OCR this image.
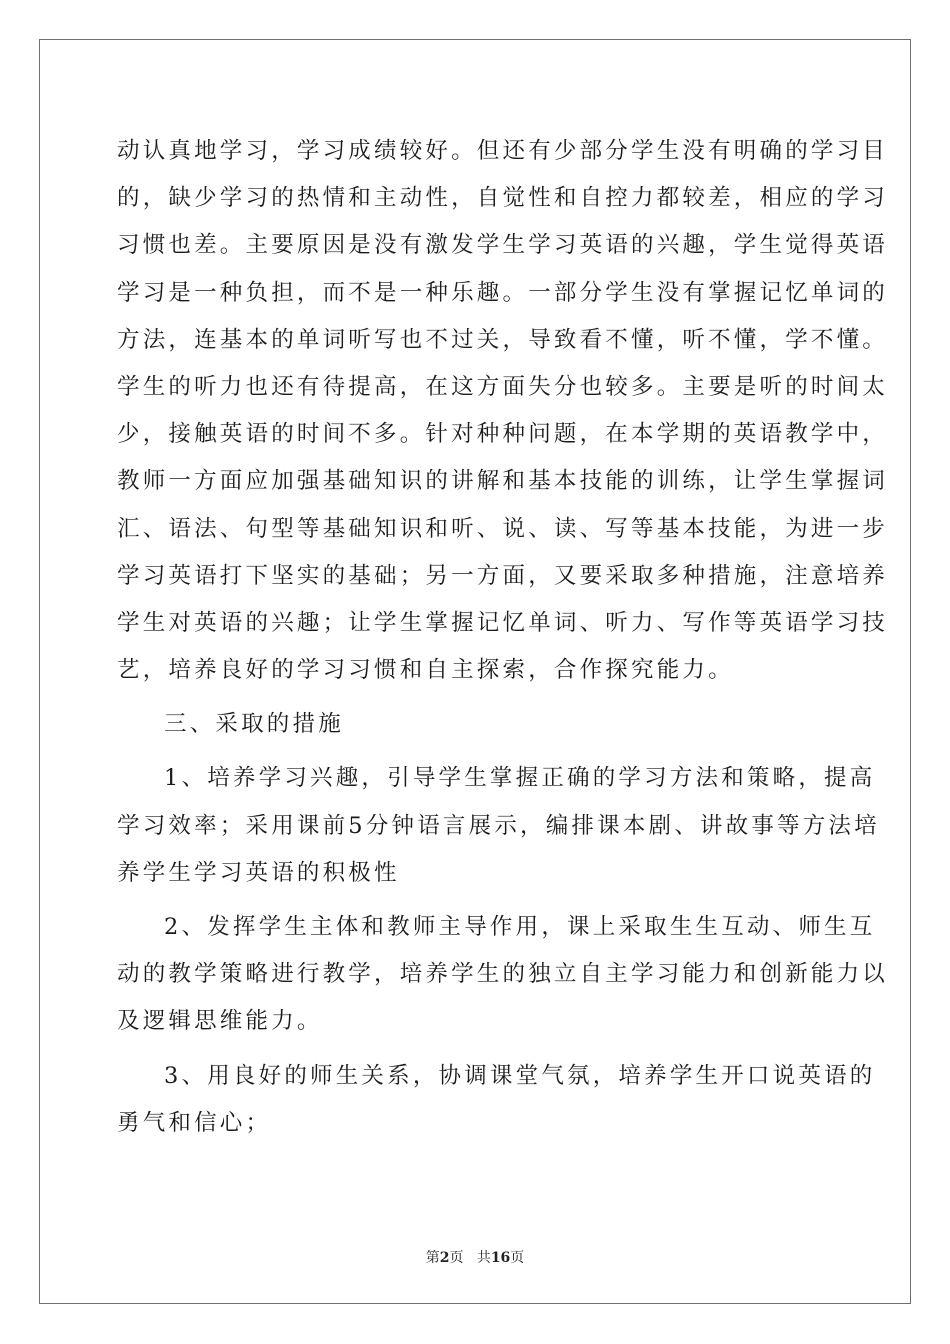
动认真地学习，学习成绩较好。但还有少部分学生没有明确的学习目
的，缺少学习的热情和主动性，自觉性和自控力都较差，相应的学习
习惯也差。主要原因是没有激发学生学习英语的兴趣，学生觉得英语
学习是一种负担，而不是一种乐趣。一部分学生没有掌握记忆单词的
方法，连基本的单词听写也不过关，导致看不懂，听不懂，学不懂。
学生的听力也还有待提高，在这方面失分也较多。主要是听的时间太
少，接触英语的时间不多。针对种种问题，在本学期的英语教学中，
教师一方面应加强基础知识的讲解和基本技能的训练，让学生掌握词
汇、语法、句型等基础知识和听、说、读、写等基本技能，为进一步
学习英语打下坚实的基础；另一方面，又要采取多种措施，注意培养
学生对英语的兴趣；让学生掌握记忆单词、听力、写作等英语学习技
艺，培养良好的学习习惯和自主探索，合作探究能力。
三、采取的措施
1、培养学习兴趣，引导学生掌握正确的学习方法和策略，提高
学习效率；采用课前5分钟语言展示，编排课本剧、讲故事等方法培
养学生学习英语的积极性
2、发挥学生主体和教师主导作用，课上采取生生互动、师生互
动的教学策略进行教学，培养学生的独立自主学习能力和创新能力以
及逻辑思维能力。
3、用良好的师生关系，协调课堂气氛，培养学生开口说英语的
勇气和信心；
第2页 共16页
